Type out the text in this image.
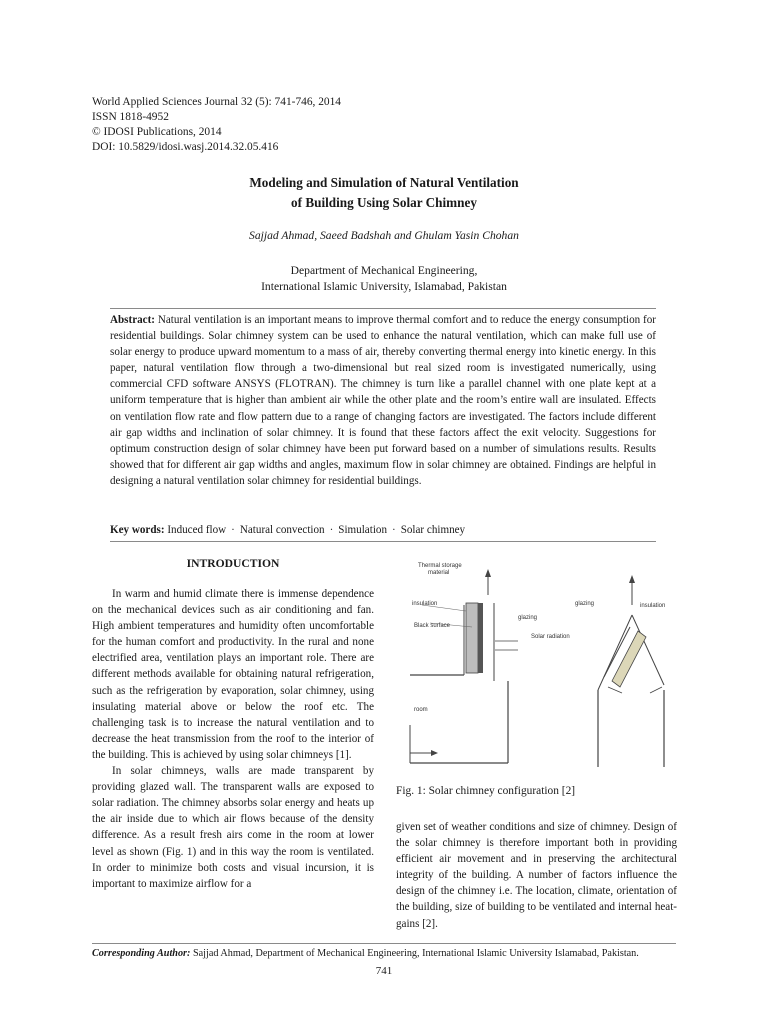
World Applied Sciences Journal 32 (5): 741-746, 2014
ISSN 1818-4952
© IDOSI Publications, 2014
DOI: 10.5829/idosi.wasj.2014.32.05.416
Modeling and Simulation of Natural Ventilation
of Building Using Solar Chimney
Sajjad Ahmad, Saeed Badshah and Ghulam Yasin Chohan
Department of Mechanical Engineering,
International Islamic University, Islamabad, Pakistan
Abstract: Natural ventilation is an important means to improve thermal comfort and to reduce the energy consumption for residential buildings. Solar chimney system can be used to enhance the natural ventilation, which can make full use of solar energy to produce upward momentum to a mass of air, thereby converting thermal energy into kinetic energy. In this paper, natural ventilation flow through a two-dimensional but real sized room is investigated numerically, using commercial CFD software ANSYS (FLOTRAN). The chimney is turn like a parallel channel with one plate kept at a uniform temperature that is higher than ambient air while the other plate and the room’s entire wall are insulated. Effects on ventilation flow rate and flow pattern due to a range of changing factors are investigated. The factors include different air gap widths and inclination of solar chimney. It is found that these factors affect the exit velocity. Suggestions for optimum construction design of solar chimney have been put forward based on a number of simulations results. Results showed that for different air gap widths and angles, maximum flow in solar chimney are obtained. Findings are helpful in designing a natural ventilation solar chimney for residential buildings.
Key words: Induced flow · Natural convection · Simulation · Solar chimney
INTRODUCTION

In warm and humid climate there is immense dependence on the mechanical devices such as air conditioning and fan. High ambient temperatures and humidity often uncomfortable for the human comfort and productivity. In the rural and none electrified area, ventilation plays an important role. There are different methods available for obtaining natural refrigeration, such as the refrigeration by evaporation, solar chimney, using insulating material above or below the roof etc. The challenging task is to increase the natural ventilation and to decrease the heat transmission from the roof to the interior of the building. This is achieved by using solar chimneys [1].

In solar chimneys, walls are made transparent by providing glazed wall. The transparent walls are exposed to solar radiation. The chimney absorbs solar energy and heats up the air inside due to which air flows because of the density difference. As a result fresh airs come in the room at lower level as shown (Fig. 1) and in this way the room is ventilated. In order to minimize both costs and visual incursion, it is important to maximize airflow for a

Thermal storage
material
insulation
Black surface
glazing
Solar radiation
room
glazing	insulation
Fig. 1: Solar chimney configuration [2]

given set of weather conditions and size of chimney. Design of the solar chimney is therefore important both in providing efficient air movement and in preserving the architectural integrity of the building. A number of factors influence the design of the chimney i.e. The location, climate, orientation of the building, size of building to be ventilated and internal heat-gains [2].

Corresponding Author: Sajjad Ahmad, Department of Mechanical Engineering, International Islamic University Islamabad, Pakistan.
741
